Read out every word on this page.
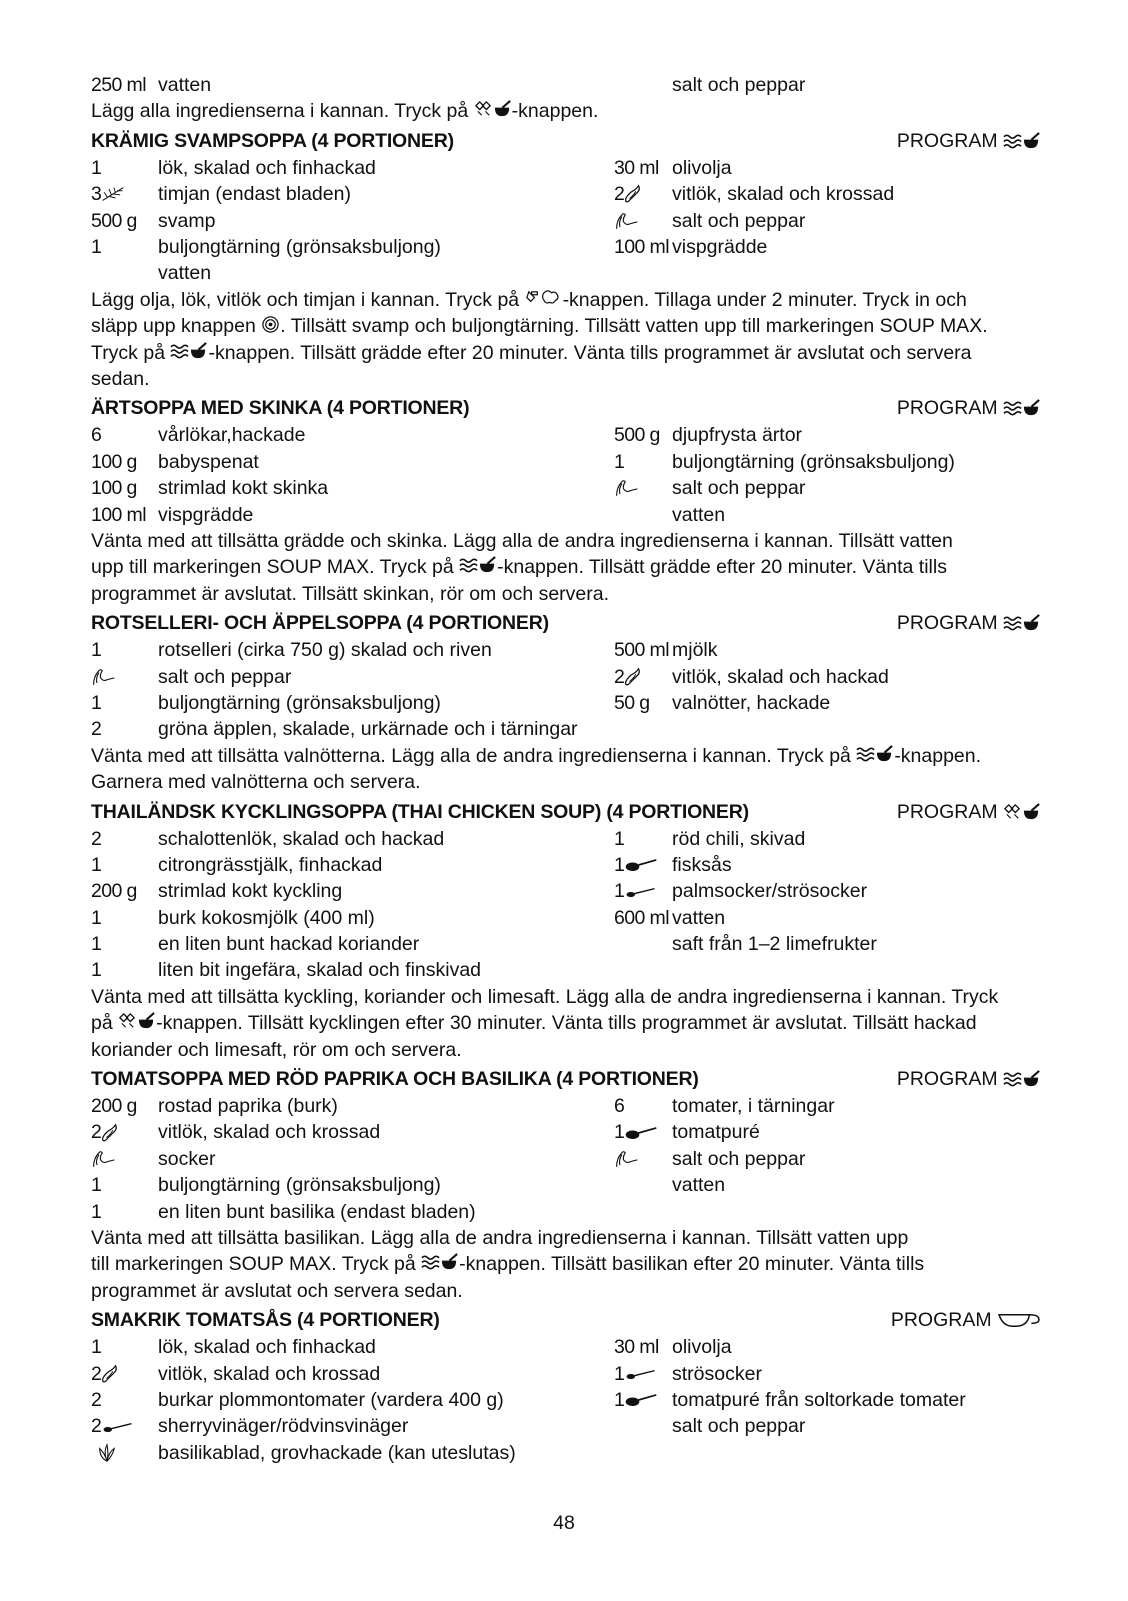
250 ml vatten	salt och peppar
Lägg alla ingredienserna i kannan. Tryck på -knappen.
KRÄMIG SVAMPSOPPA (4 PORTIONER)	PROGRAM

1	lök, skalad och finhackad	30 ml olivolja
3	timjan (endast bladen)	2 vitlök, skalad och krossad
500 g	svamp	salt och peppar
1	buljongtärning (grönsaksbuljong)	100 ml vispgrädde
vatten
Lägg olja, lök, vitlök och timjan i kannan. Tryck på -knappen. Tillaga under 2 minuter. Tryck in och
släpp upp knappen . Tillsätt svamp och buljongtärning. Tillsätt vatten upp till markeringen SOUP MAX.
Tryck på -knappen. Tillsätt grädde efter 20 minuter. Vänta tills programmet är avslutat och servera
sedan.
ÄRTSOPPA MED SKINKA (4 PORTIONER)	PROGRAM

6	vårlökar,hackade	500 g djupfrysta ärtor
100 g	babyspenat	1	buljongtärning (grönsaksbuljong)
100 g	strimlad kokt skinka	salt och peppar
100 ml vispgrädde	vatten
Vänta med att tillsätta grädde och skinka. Lägg alla de andra ingredienserna i kannan. Tillsätt vatten
upp till markeringen SOUP MAX. Tryck på -knappen. Tillsätt grädde efter 20 minuter. Vänta tills
programmet är avslutat. Tillsätt skinkan, rör om och servera.
ROTSELLERI- OCH ÄPPELSOPPA (4 PORTIONER)	PROGRAM

1	rotselleri (cirka 750 g) skalad och riven	500 ml mjölk
salt och peppar	2 vitlök, skalad och hackad
1	buljongtärning (grönsaksbuljong)	50 g	valnötter, hackade
2	gröna äpplen, skalade, urkärnade och i tärningar
Vänta med att tillsätta valnötterna. Lägg alla de andra ingredienserna i kannan. Tryck på -knappen.
Garnera med valnötterna och servera.
THAILÄNDSK KYCKLINGSOPPA (THAI CHICKEN SOUP) (4 PORTIONER)	PROGRAM

2	schalottenlök, skalad och hackad	1	röd chili, skivad
1	citrongrässtjälk, finhackad	1 fisksås
200 g	strimlad kokt kyckling	1 palmsocker/strösocker
1	burk kokosmjölk (400 ml)	600 ml vatten
1	en liten bunt hackad koriander	saft från 1–2 limefrukter
1	liten bit ingefära, skalad och finskivad
Vänta med att tillsätta kyckling, koriander och limesaft. Lägg alla de andra ingredienserna i kannan. Tryck
på -knappen. Tillsätt kycklingen efter 30 minuter. Vänta tills programmet är avslutat. Tillsätt hackad
koriander och limesaft, rör om och servera.
TOMATSOPPA MED RÖD PAPRIKA OCH BASILIKA (4 PORTIONER)	PROGRAM

200 g	rostad paprika (burk)	6	tomater, i tärningar
2	vitlök, skalad och krossad	1 tomatpuré
socker	salt och peppar
1	buljongtärning (grönsaksbuljong)	vatten
1	en liten bunt basilika (endast bladen)
Vänta med att tillsätta basilikan. Lägg alla de andra ingredienserna i kannan. Tillsätt vatten upp
till markeringen SOUP MAX. Tryck på -knappen. Tillsätt basilikan efter 20 minuter. Vänta tills
programmet är avslutat och servera sedan.
SMAKRIK TOMATSÅS (4 PORTIONER)	PROGRAM

1	lök, skalad och finhackad	30 ml olivolja
2	vitlök, skalad och krossad	1 strösocker
2	burkar plommontomater (vardera 400 g)	1 tomatpuré från soltorkade tomater
2	sherryvinäger/rödvinsvinäger	salt och peppar

basilikablad, grovhackade (kan uteslutas)
48
